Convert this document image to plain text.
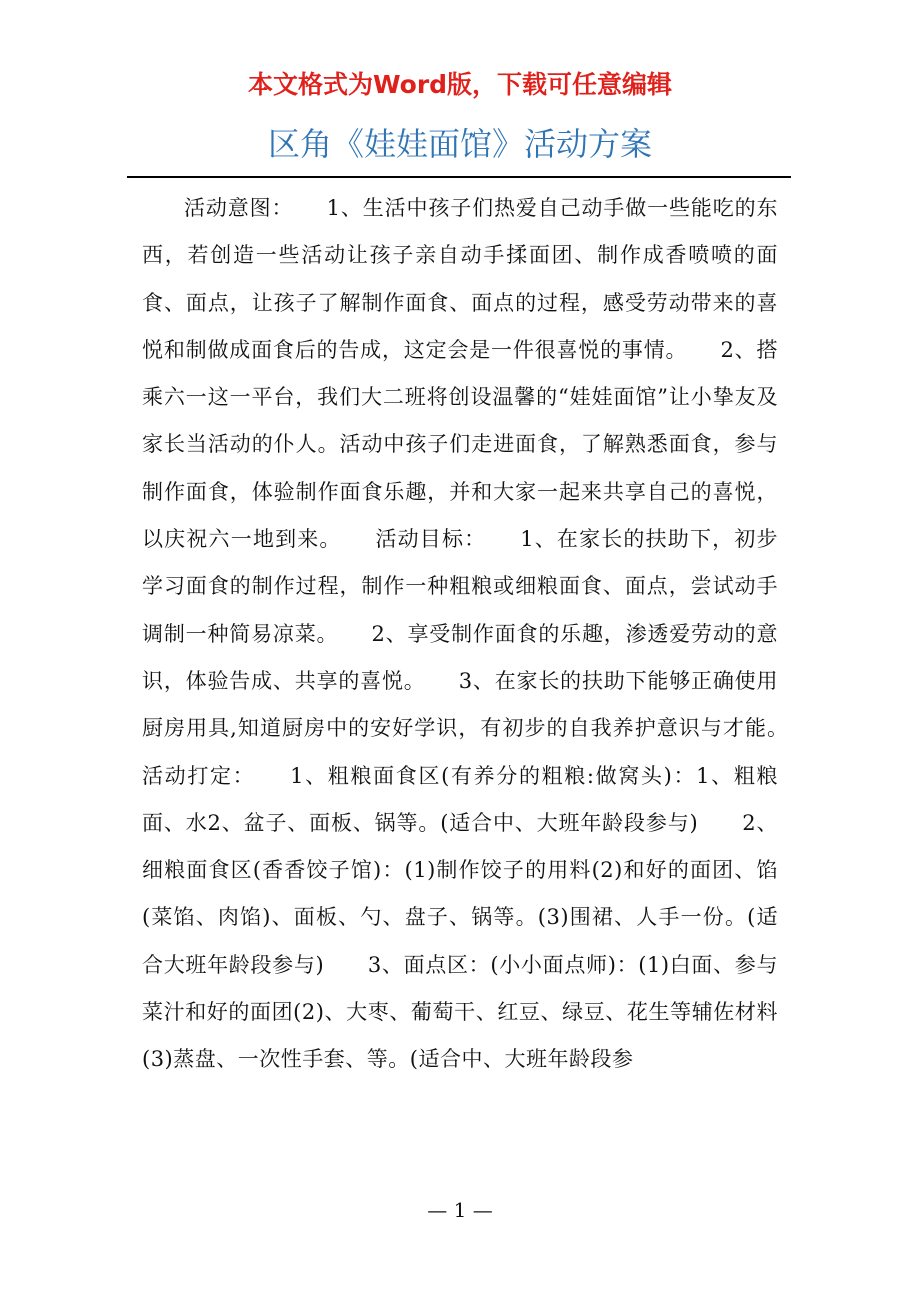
本文格式为Word版，下载可任意编辑
区角《娃娃面馆》活动方案
活动意图：　　1、生活中孩子们热爱自己动手做一些能吃的东西，若创造一些活动让孩子亲自动手揉面团、制作成香喷喷的面食、面点，让孩子了解制作面食、面点的过程，感受劳动带来的喜悦和制做成面食后的告成，这定会是一件很喜悦的事情。　　2、搭乘六一这一平台，我们大二班将创设温馨的“娃娃面馆”让小挚友及家长当活动的仆人。活动中孩子们走进面食，了解熟悉面食，参与制作面食，体验制作面食乐趣，并和大家一起来共享自己的喜悦，以庆祝六一地到来。　　活动目标：　　1、在家长的扶助下，初步学习面食的制作过程，制作一种粗粮或细粮面食、面点，尝试动手调制一种简易凉菜。　　2、享受制作面食的乐趣，渗透爱劳动的意识，体验告成、共享的喜悦。　　3、在家长的扶助下能够正确使用厨房用具,知道厨房中的安好学识，有初步的自我养护意识与才能。　　活动打定：　　1、粗粮面食区(有养分的粗粮:做窝头)：1、粗粮面、水2、盆子、面板、锅等。(适合中、大班年龄段参与)　　2、细粮面食区(香香饺子馆)：(1)制作饺子的用料(2)和好的面团、馅(菜馅、肉馅)、面板、勺、盘子、锅等。(3)围裙、人手一份。(适合大班年龄段参与)　　3、面点区：(小小面点师)：(1)白面、参与菜汁和好的面团(2)、大枣、葡萄干、红豆、绿豆、花生等辅佐材料(3)蒸盘、一次性手套、等。(适合中、大班年龄段参
— 1 —
